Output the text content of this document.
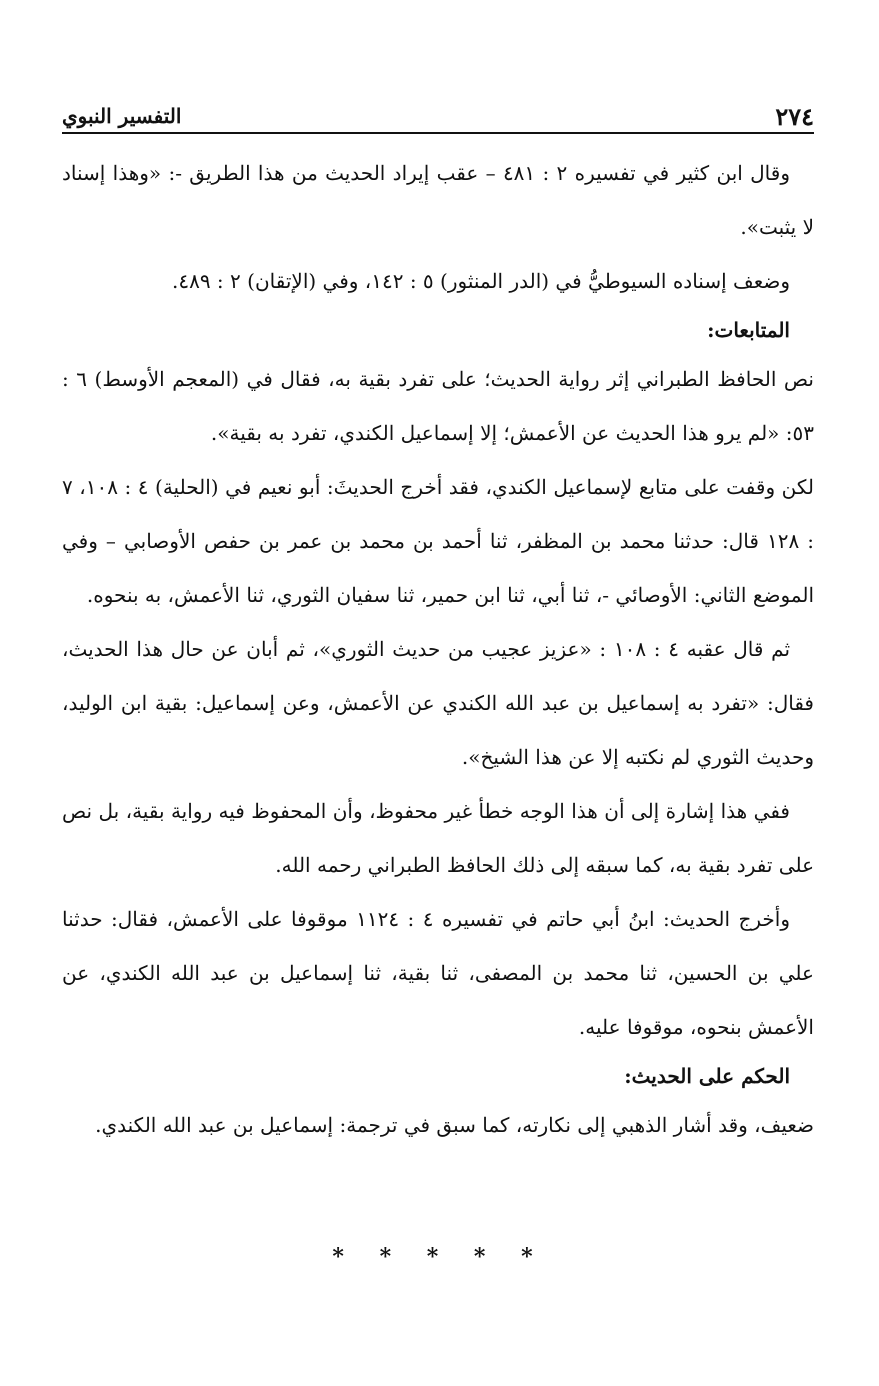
٢٧٤
التفسير النبوي

وقال ابن كثير في تفسيره ٢ : ٤٨١ – عقب إيراد الحديث من هذا الطريق -: «وهذا إسناد لا يثبت».

وضعف إسناده السيوطيُّ في (الدر المنثور) ٥ : ١٤٢، وفي (الإتقان) ٢ : ٤٨٩.

المتابعات:

نص الحافظ الطبراني إثر رواية الحديث؛ على تفرد بقية به، فقال في (المعجم الأوسط) ٦ : ٥٣: «لم يرو هذا الحديث عن الأعمش؛ إلا إسماعيل الكندي، تفرد به بقية».

لكن وقفت على متابع لإسماعيل الكندي، فقد أخرج الحديثَ: أبو نعيم في (الحلية) ٤ : ١٠٨، ٧ : ١٢٨ قال: حدثنا محمد بن المظفر، ثنا أحمد بن محمد بن عمر بن حفص الأوصابي – وفي الموضع الثاني: الأوصائي -، ثنا أبي، ثنا ابن حمير، ثنا سفيان الثوري، ثنا الأعمش، به بنحوه.

ثم قال عقبه ٤ : ١٠٨ : «عزيز عجيب من حديث الثوري»، ثم أبان عن حال هذا الحديث، فقال: «تفرد به إسماعيل بن عبد الله الكندي عن الأعمش، وعن إسماعيل: بقية ابن الوليد، وحديث الثوري لم نكتبه إلا عن هذا الشيخ».

ففي هذا إشارة إلى أن هذا الوجه خطأ غير محفوظ، وأن المحفوظ فيه رواية بقية، بل نص على تفرد بقية به، كما سبقه إلى ذلك الحافظ الطبراني رحمه الله.

وأخرج الحديث: ابنُ أبي حاتم في تفسيره ٤ : ١١٢٤ موقوفا على الأعمش، فقال: حدثنا علي بن الحسين، ثنا محمد بن المصفى، ثنا بقية، ثنا إسماعيل بن عبد الله الكندي، عن الأعمش بنحوه، موقوفا عليه.

الحكم على الحديث:

ضعيف، وقد أشار الذهبي إلى نكارته، كما سبق في ترجمة: إسماعيل بن عبد الله الكندي.

* * * * *
